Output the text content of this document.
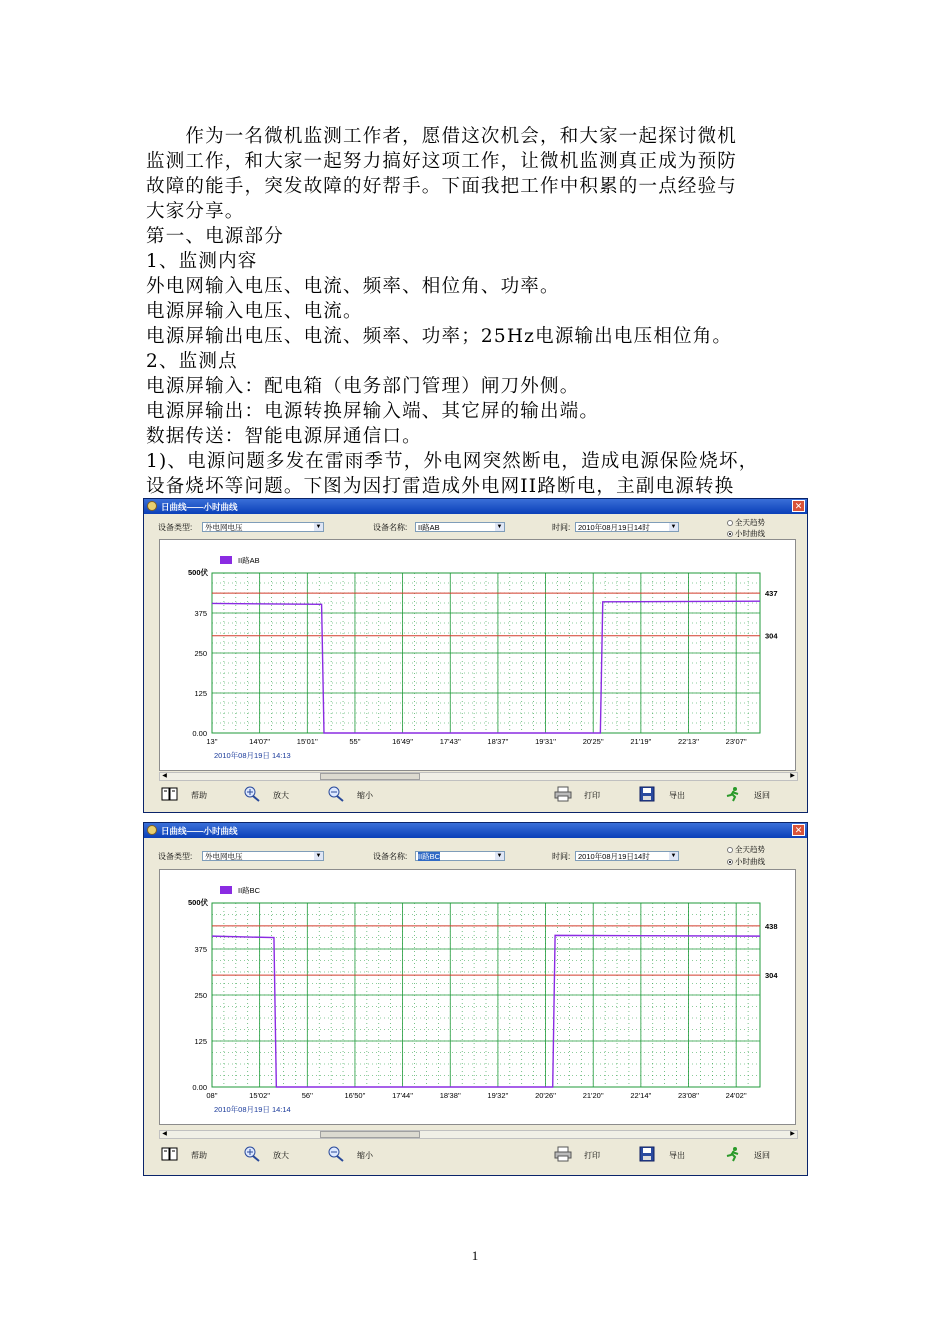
　　作为一名微机监测工作者，愿借这次机会，和大家一起探讨微机
监测工作，和大家一起努力搞好这项工作，让微机监测真正成为预防
故障的能手，突发故障的好帮手。下面我把工作中积累的一点经验与
大家分享。
第一、电源部分
1、监测内容
外电网输入电压、电流、频率、相位角、功率。
电源屏输入电压、电流。
电源屏输出电压、电流、频率、功率；25Hz电源输出电压相位角。
2、监测点
电源屏输入：配电箱（电务部门管理）闸刀外侧。
电源屏输出：电源转换屏输入端、其它屏的输出端。
数据传送：智能电源屏通信口。
1)、电源问题多发在雷雨季节，外电网突然断电，造成电源保险烧坏，
设备烧坏等问题。下图为因打雷造成外电网II路断电，主副电源转换
日曲线——小时曲线	✕
设备类型:	外电网电压	▼	设备名称:	II路AB	▼	时间:	2010年08月19日14时	▼	全天趋势
小时曲线
437
304
0.00
125
250
375
500伏
13''	14'07''	15'01''	55''	16'49''	17'43''	18'37''	19'31''	20'25''	21'19''	22'13''	23'07''
2010年08月19日 14:13
II路AB
◀	▶
帮助	放大	缩小	打印	导出	返回
日曲线——小时曲线	✕
设备类型:	外电网电压	▼	设备名称:	II路BC	▼	时间:	2010年08月19日14时	▼
全天趋势
小时曲线
438
304
0.00
125
250
375
500伏
08''	15'02''	56''	16'50''	17'44''	18'38''	19'32''	20'26''	21'20''	22'14''	23'08''	24'02''
2010年08月19日 14:14
II路BC
◀	▶
帮助	放大	缩小	打印	导出	返回
1
